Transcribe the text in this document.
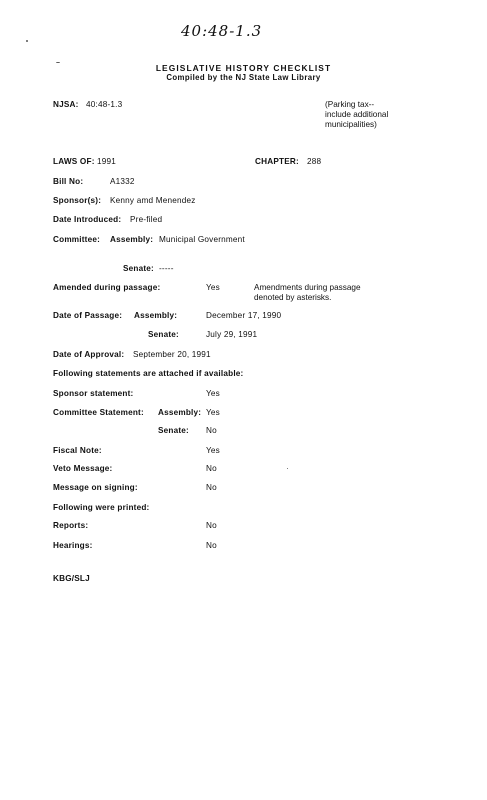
40:48-1.3
LEGISLATIVE HISTORY CHECKLIST
Compiled by the NJ State Law Library
NJSA: 40:48-1.3	(Parking tax--
include additional
municipalities)
LAWS OF: 1991	CHAPTER: 288
Bill No:	A1332
Sponsor(s): Kenny amd Menendez
Date Introduced: Pre-filed
Committee: Assembly: Municipal Government
Senate: -----
Amended during passage:	Yes	Amendments during passage
denoted by asterisks.
Date of Passage: Assembly:	December 17, 1990
Senate:	July 29, 1991
Date of Approval: September 20, 1991
Following statements are attached if available:
Sponsor statement:	Yes
Committee Statement: Assembly: Yes
Senate: No
Fiscal Note:	Yes
Veto Message:	No
Message on signing:	No
Following were printed:
Reports:	No
Hearings:	No
KBG/SLJ
